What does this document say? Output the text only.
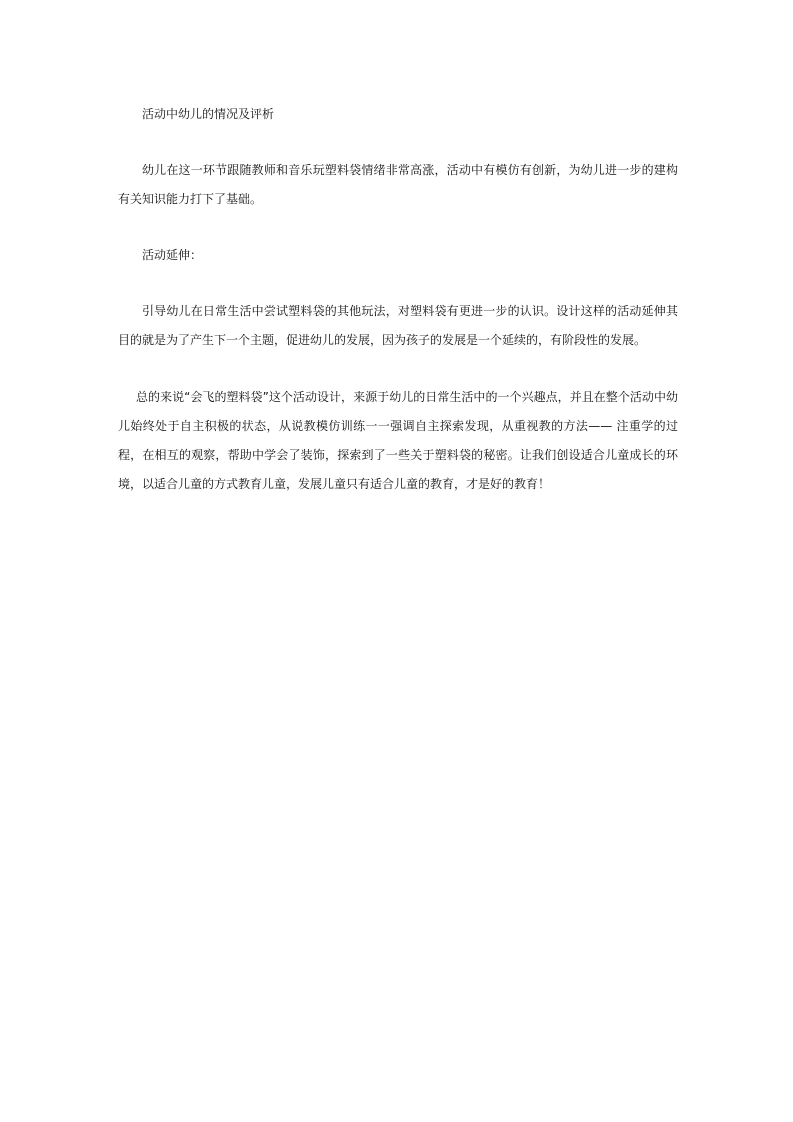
活动中幼儿的情况及评析

幼儿在这一环节跟随教师和音乐玩塑料袋情绪非常高涨，活动中有模仿有创新，为幼儿进一步的建构有关知识能力打下了基础。

活动延伸：

引导幼儿在日常生活中尝试塑料袋的其他玩法，对塑料袋有更进一步的认识。设计这样的活动延伸其目的就是为了产生下一个主题，促进幼儿的发展，因为孩子的发展是一个延续的，有阶段性的发展。

总的来说“会飞的塑料袋”这个活动设计，来源于幼儿的日常生活中的一个兴趣点，并且在整个活动中幼儿始终处于自主积极的状态，从说教模仿训练一一强调自主探索发现，从重视教的方法—— 注重学的过程，在相互的观察，帮助中学会了装饰，探索到了一些关于塑料袋的秘密。让我们创设适合儿童成长的环境，以适合儿童的方式教育儿童，发展儿童只有适合儿童的教育，才是好的教育！
